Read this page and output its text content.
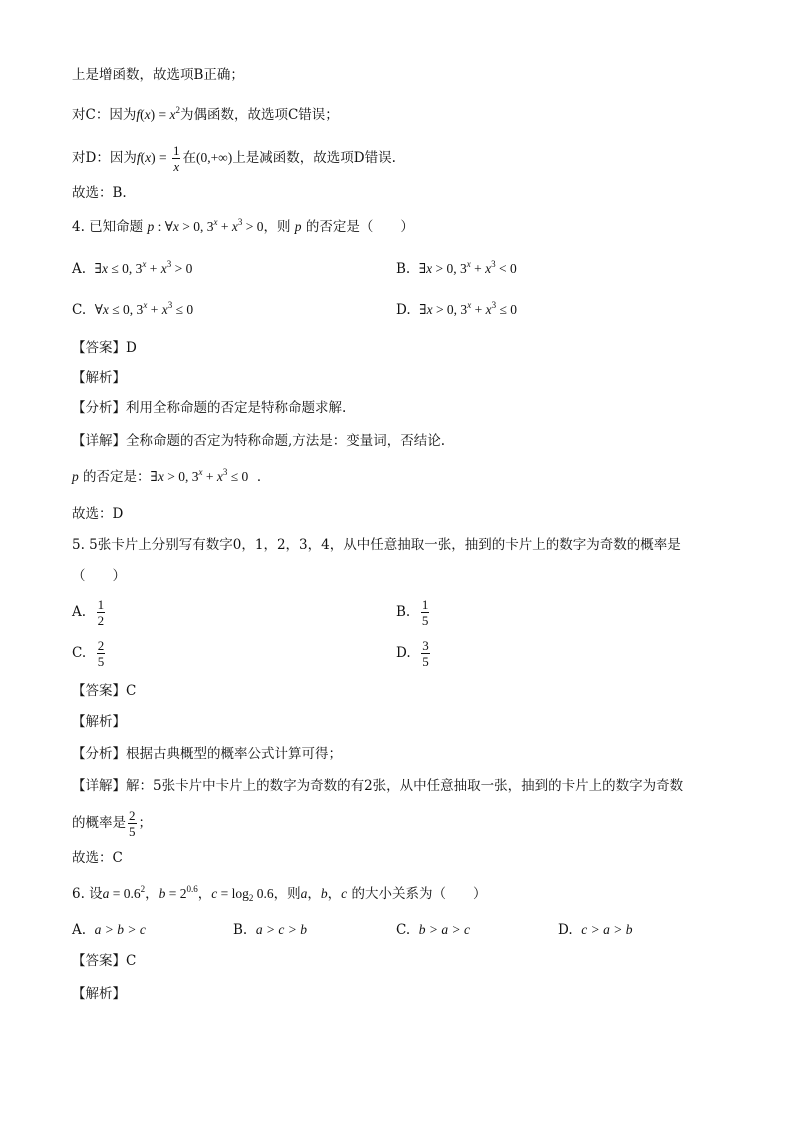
上是增函数，故选项B正确；
对C：因为$f(x) = x^2$为偶函数，故选项C错误；
对D：因为$f(x) = \frac{1}{x}$ 在(0,+∞)上是减函数，故选项D错误.
故选：B.
4. 已知命题 p : ∀x > 0, $3^x + x^3 > 0$，则 p 的否定是（　　）
A. ∃x ≤ 0, $3^x + x^3 > 0$	B. ∃x > 0, $3^x + x^3 < 0$
C. ∀x ≤ 0, $3^x + x^3 \le 0$	D. ∃x > 0, $3^x + x^3 \le 0$
【答案】D
【解析】
【分析】利用全称命题的否定是特称命题求解.
【详解】全称命题的否定为特称命题,方法是：变量词，否结论.
p 的否定是：∃x > 0, $3^x + x^3 \le 0$ ．
故选：D
5. 5张卡片上分别写有数字0，1，2，3，4，从中任意抽取一张，抽到的卡片上的数字为奇数的概率是
（　　）
A. $\frac{1}{2}$	B. $\frac{1}{5}$
C. $\frac{2}{5}$	D. $\frac{3}{5}$
【答案】C
【解析】
【分析】根据古典概型的概率公式计算可得；
【详解】解：5张卡片中卡片上的数字为奇数的有2张，从中任意抽取一张，抽到的卡片上的数字为奇数
的概率是 $\frac{2}{5}$ ；
故选：C
6. 设$a = 0.6^2$，$b = 2^{0.6}$，$c = \log_2 0.6$，则a，b，c 的大小关系为（　　）
A. a > b > c	B. a > c > b	C. b > a > c	D. c > a > b
【答案】C
【解析】
